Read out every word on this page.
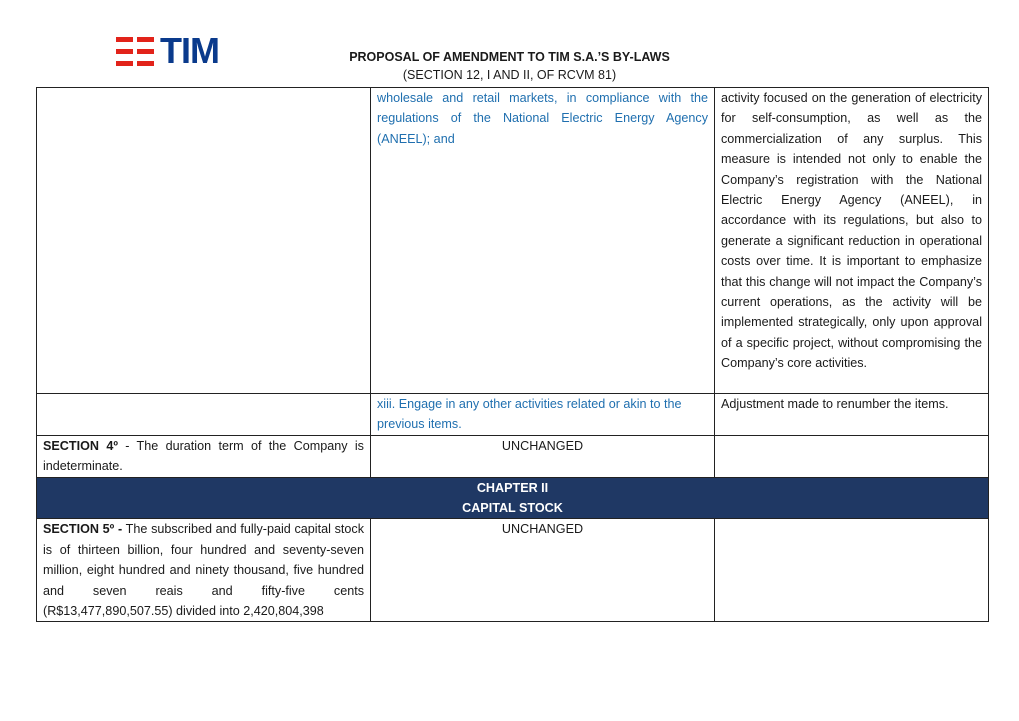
TIM	PROPOSAL OF AMENDMENT TO TIM S.A.’S BY-LAWS
(SECTION 12, I AND II, OF RCVM 81)
	wholesale and retail markets, in compliance with the regulations of the National Electric Energy Agency (ANEEL); and	activity focused on the generation of electricity for self-consumption, as well as the commercialization of any surplus. This measure is intended not only to enable the Company’s registration with the National Electric Energy Agency (ANEEL), in accordance with its regulations, but also to generate a significant reduction in operational costs over time. It is important to emphasize that this change will not impact the Company’s current operations, as the activity will be implemented strategically, only upon approval of a specific project, without compromising the Company’s core activities.
	xiii. Engage in any other activities related or akin to the previous items.	Adjustment made to renumber the items.
SECTION 4º - The duration term of the Company is indeterminate.	UNCHANGED	

CHAPTER II
CAPITAL STOCK		

SECTION 5º - The subscribed and fully-paid capital stock is of thirteen billion, four hundred and seventy-seven million, eight hundred and ninety thousand, five hundred and seven reais and fifty-five cents (R$13,477,890,507.55) divided into 2,420,804,398	UNCHANGED	
